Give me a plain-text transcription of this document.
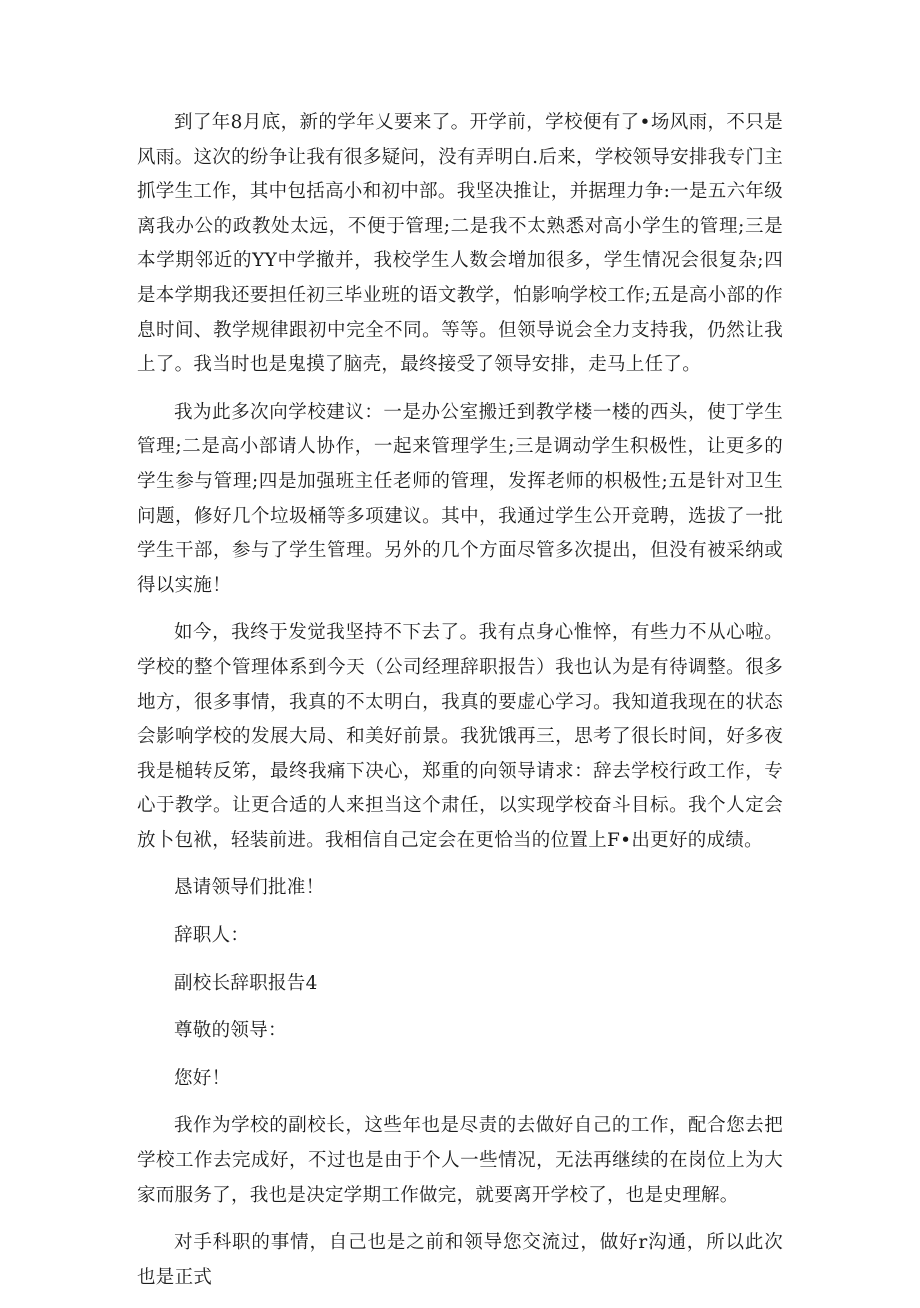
到了年8月底，新的学年乂要来了。开学前，学校便有了•场风雨，不只是风雨。这次的纷争让我有很多疑问，没有弄明白.后来，学校领导安排我专门主抓学生工作，其中包括高小和初中部。我坚决推让，并据理力争:一是五六年级离我办公的政教处太远，不便于管理;二是我不太熟悉对高小学生的管理;三是本学期邻近的YY中学撤并，我校学生人数会增加很多，学生情况会很复杂;四是本学期我还要担任初三毕业班的语文教学，怕影响学校工作;五是高小部的作息时间、教学规律跟初中完全不同。等等。但领导说会全力支持我，仍然让我上了。我当时也是鬼摸了脑壳，最终接受了领导安排，走马上任了。

我为此多次向学校建议：一是办公室搬迁到教学楼一楼的西头，使丁学生管理;二是高小部请人协作，一起来管理学生;三是调动学生积极性，让更多的学生参与管理;四是加强班主任老师的管理，发挥老师的枳极性;五是针对卫生问题，修好几个垃圾桶等多项建议。其中，我通过学生公开竞聘，选拔了一批学生干部，参与了学生管理。另外的几个方面尽管多次提出，但没有被采纳或得以实施！

如今，我终于发觉我坚持不下去了。我有点身心惟悴，有些力不从心啦。学校的整个管理体系到今天（公司经理辞职报告）我也认为是有待调整。很多地方，很多事情，我真的不太明白，我真的要虚心学习。我知道我现在的状态会影响学校的发展大局、和美好前景。我犹饿再三，思考了很长时间，好多夜我是槌转反笫，最终我痛下决心，郑重的向领导请求：辞去学校行政工作，专心于教学。让更合适的人来担当这个肃任，以实现学校奋斗目标。我个人定会放卜包袱，轻装前进。我相信自己定会在更恰当的位置上F•出更好的成绩。

恳请领导们批准！

辞职人：

副校长辞职报告4

尊敬的领导：

您好！

我作为学校的副校长，这些年也是尽责的去做好自己的工作，配合您去把学校工作去完成好，不过也是由于个人一些情况，无法再继续的在岗位上为大家而服务了，我也是决定学期工作做完，就要离开学校了，也是史理解。

对手科职的事情，自己也是之前和领导您交流过，做好r沟通，所以此次也是正式
